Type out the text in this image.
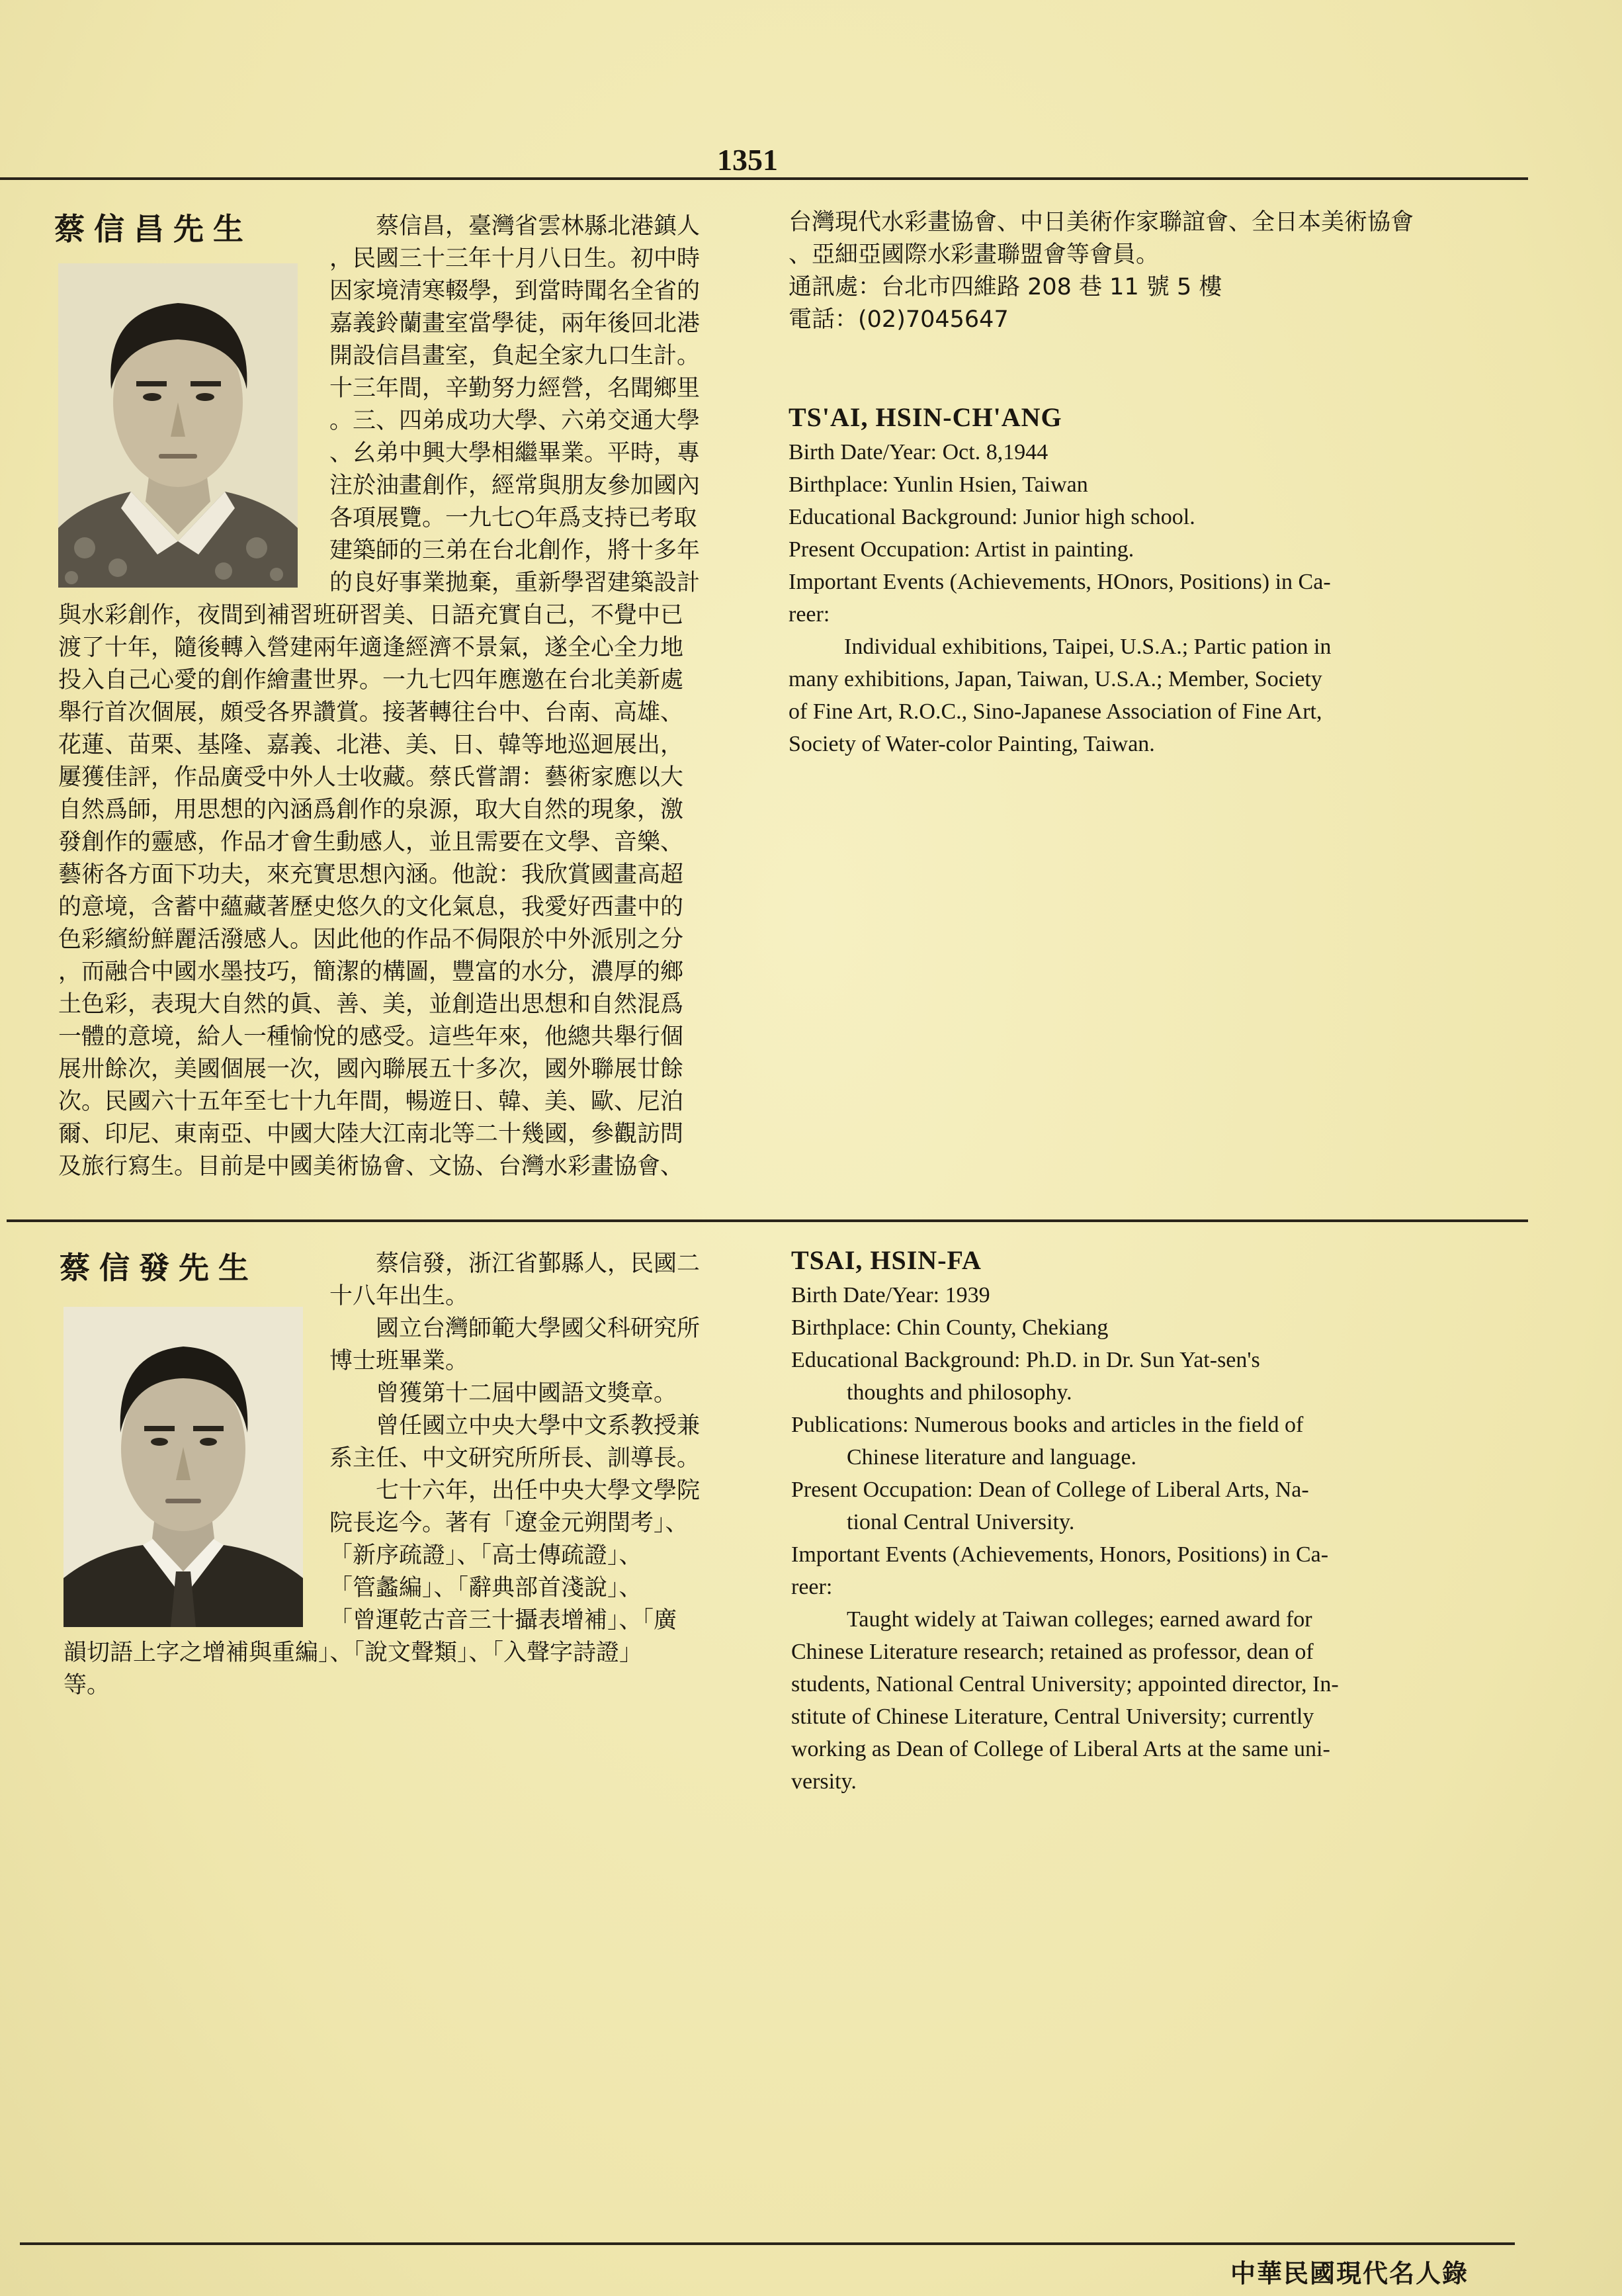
1351
蔡信昌先生	　　蔡信昌，臺灣省雲林縣北港鎮人
，民國三十三年十月八日生。初中時
因家境清寒輟學，到當時聞名全省的
嘉義鈴蘭畫室當學徒，兩年後回北港
開設信昌畫室，負起全家九口生計。
十三年間，辛勤努力經營，名聞鄉里
。三、四弟成功大學、六弟交通大學
、幺弟中興大學相繼畢業。平時，專
注於油畫創作，經常與朋友參加國內
各項展覽。一九七○年爲支持已考取
建築師的三弟在台北創作，將十多年
的良好事業拋棄，重新學習建築設計
與水彩創作，夜間到補習班研習美、日語充實自己，不覺中已
渡了十年，隨後轉入營建兩年適逢經濟不景氣，遂全心全力地
投入自己心愛的創作繪畫世界。一九七四年應邀在台北美新處
舉行首次個展，頗受各界讚賞。接著轉往台中、台南、高雄、
花蓮、苗栗、基隆、嘉義、北港、美、日、韓等地巡迴展出，
屢獲佳評，作品廣受中外人士收藏。蔡氏嘗謂：藝術家應以大
自然爲師，用思想的內涵爲創作的泉源，取大自然的現象，激
發創作的靈感，作品才會生動感人，並且需要在文學、音樂、
藝術各方面下功夫，來充實思想內涵。他說：我欣賞國畫高超
的意境，含蓄中蘊藏著歷史悠久的文化氣息，我愛好西畫中的
色彩繽紛鮮麗活潑感人。因此他的作品不侷限於中外派別之分
，而融合中國水墨技巧，簡潔的構圖，豐富的水分，濃厚的鄉
土色彩，表現大自然的眞、善、美，並創造出思想和自然混爲
一體的意境，給人一種愉悅的感受。這些年來，他總共舉行個
展卅餘次，美國個展一次，國內聯展五十多次，國外聯展廿餘
次。民國六十五年至七十九年間，暢遊日、韓、美、歐、尼泊
爾、印尼、東南亞、中國大陸大江南北等二十幾國，參觀訪問
及旅行寫生。目前是中國美術協會、文協、台灣水彩畫協會、
台灣現代水彩畫協會、中日美術作家聯誼會、全日本美術協會
、亞細亞國際水彩畫聯盟會等會員。
通訊處：台北市四維路 208 巷 11 號 5 樓
電話：(02)7045647
TS'AI, HSIN-CH'ANG
Birth Date/Year: Oct. 8,1944
Birthplace: Yunlin Hsien, Taiwan
Educational Background: Junior high school.
Present Occupation: Artist in painting.
Important Events (Achievements, HOnors, Positions) in Ca-
reer:
Individual exhibitions, Taipei, U.S.A.; Partic pation in
many exhibitions, Japan, Taiwan, U.S.A.; Member, Society
of Fine Art, R.O.C., Sino-Japanese Association of Fine Art,
Society of Water-color Painting, Taiwan.
蔡信發先生	　　蔡信發，浙江省鄞縣人，民國二
十八年出生。
　　國立台灣師範大學國父科研究所
博士班畢業。
　　曾獲第十二屆中國語文獎章。
　　曾任國立中央大學中文系教授兼
系主任、中文研究所所長、訓導長。
　　七十六年，出任中央大學文學院
院長迄今。著有「遼金元朔閏考」、
「新序疏證」、「高士傳疏證」、
「管蠡編」、「辭典部首淺說」、
「曾運乾古音三十攝表增補」、「廣
韻切語上字之增補與重編」、「說文聲類」、「入聲字詩證」
等。
TSAI, HSIN-FA
Birth Date/Year: 1939
Birthplace: Chin County, Chekiang
Educational Background: Ph.D. in Dr. Sun Yat-sen's
thoughts and philosophy.
Publications: Numerous books and articles in the field of
Chinese literature and language.
Present Occupation: Dean of College of Liberal Arts, Na-
tional Central University.
Important Events (Achievements, Honors, Positions) in Ca-
reer:
Taught widely at Taiwan colleges; earned award for
Chinese Literature research; retained as professor, dean of
students, National Central University; appointed director, In-
stitute of Chinese Literature, Central University; currently
working as Dean of College of Liberal Arts at the same uni-
versity.
中華民國現代名人錄
